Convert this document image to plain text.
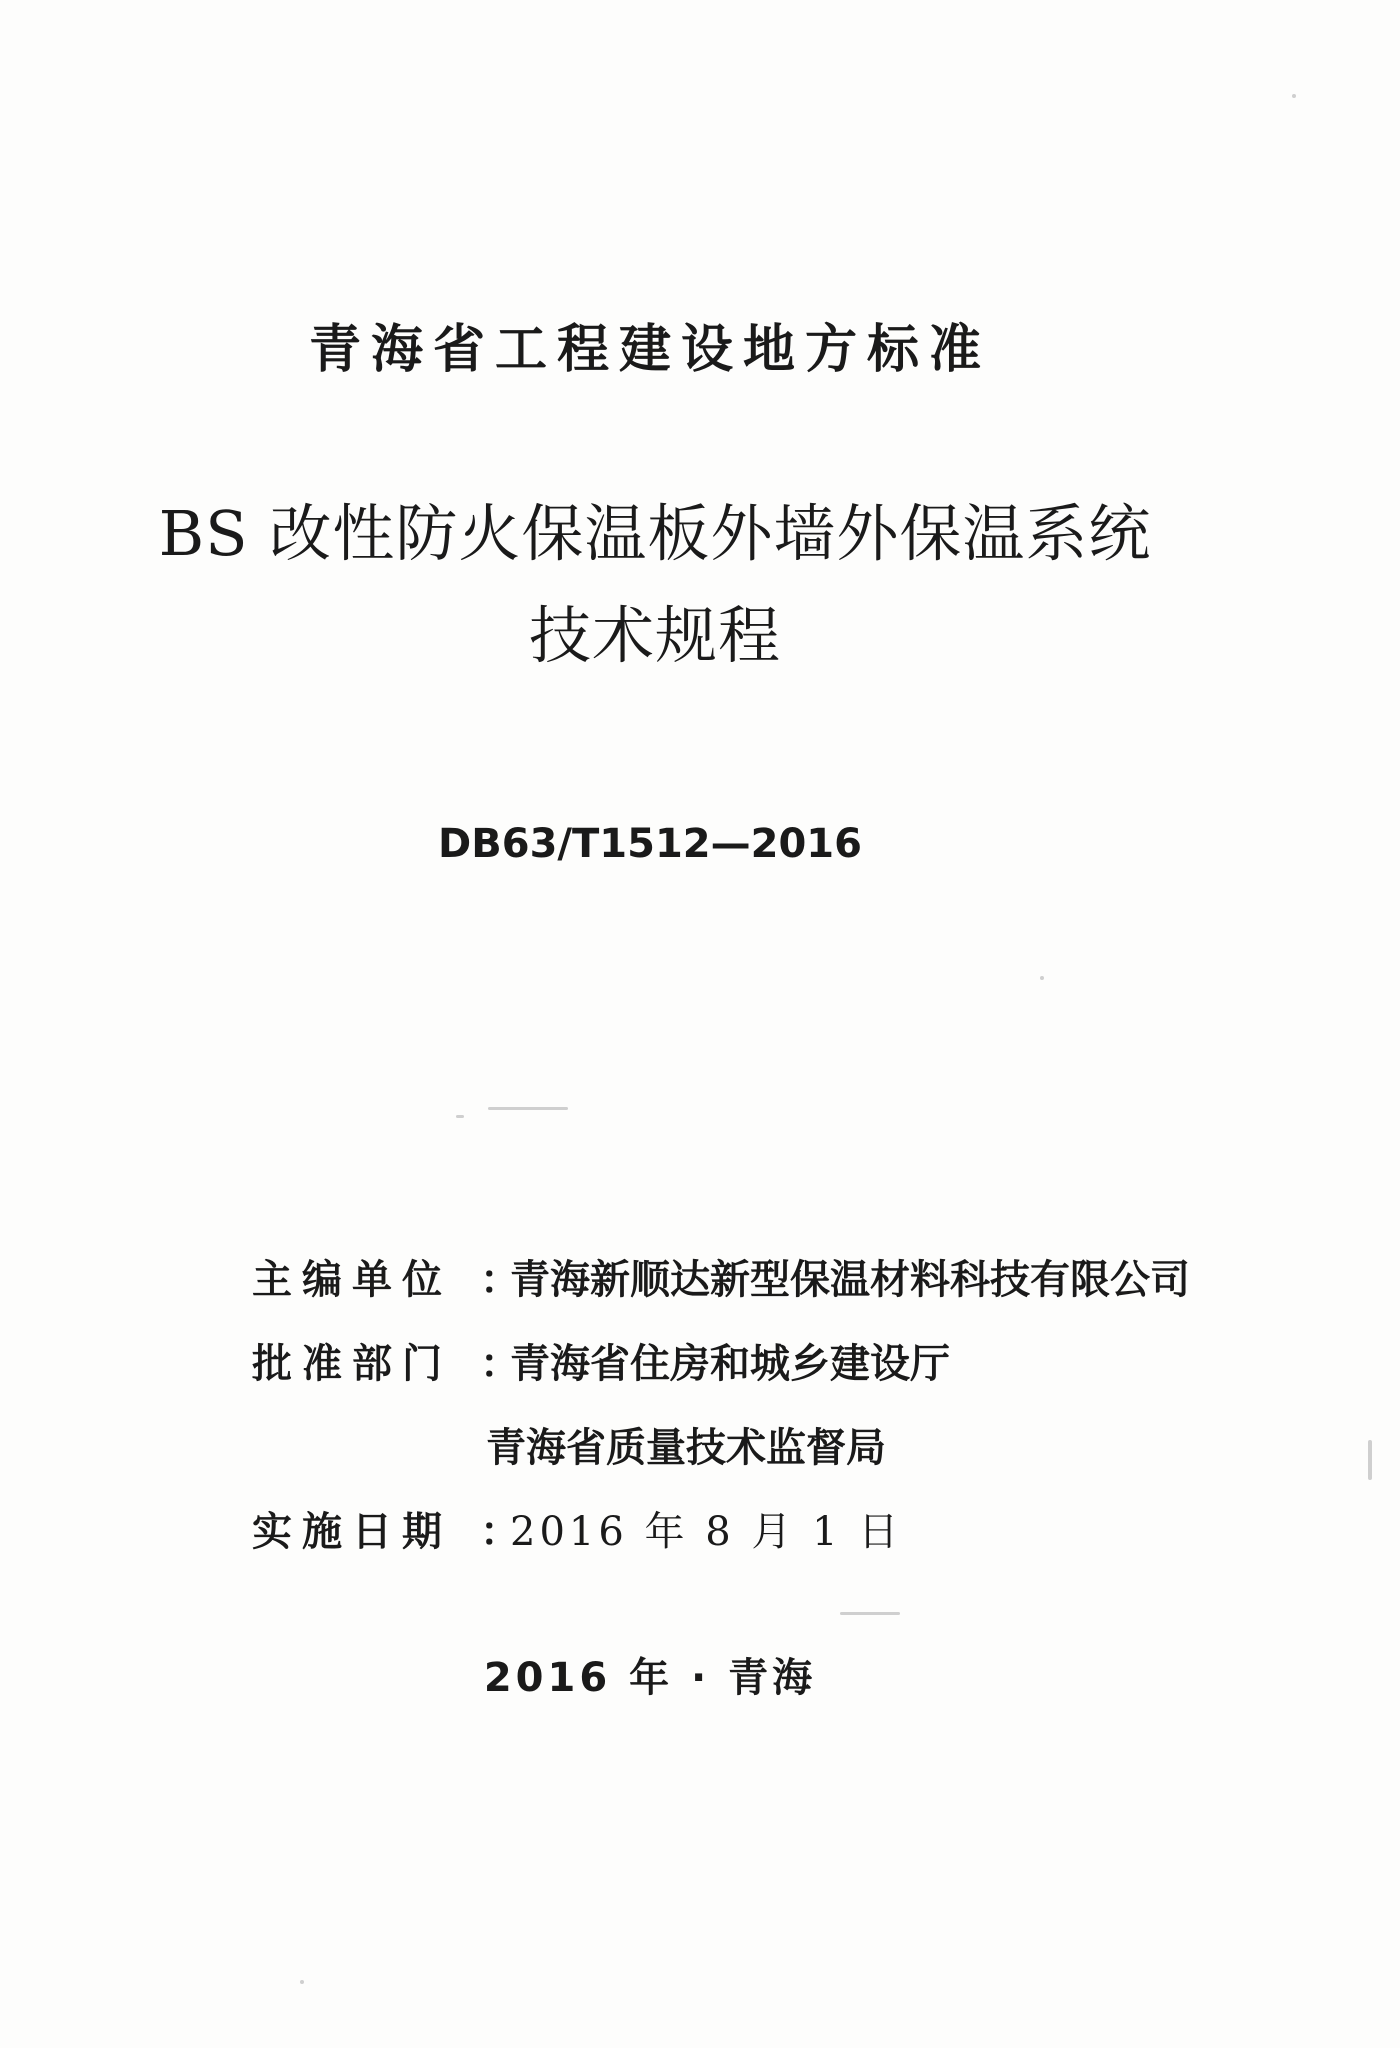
青海省工程建设地方标准
BS 改性防火保温板外墙外保温系统
技术规程
DB63/T1512—2016
主编单位 ：青海新顺达新型保温材料科技有限公司
批准部门 ：青海省住房和城乡建设厅
青海省质量技术监督局
实施日期 ：2016 年 8 月 1 日
2016 年 · 青海
